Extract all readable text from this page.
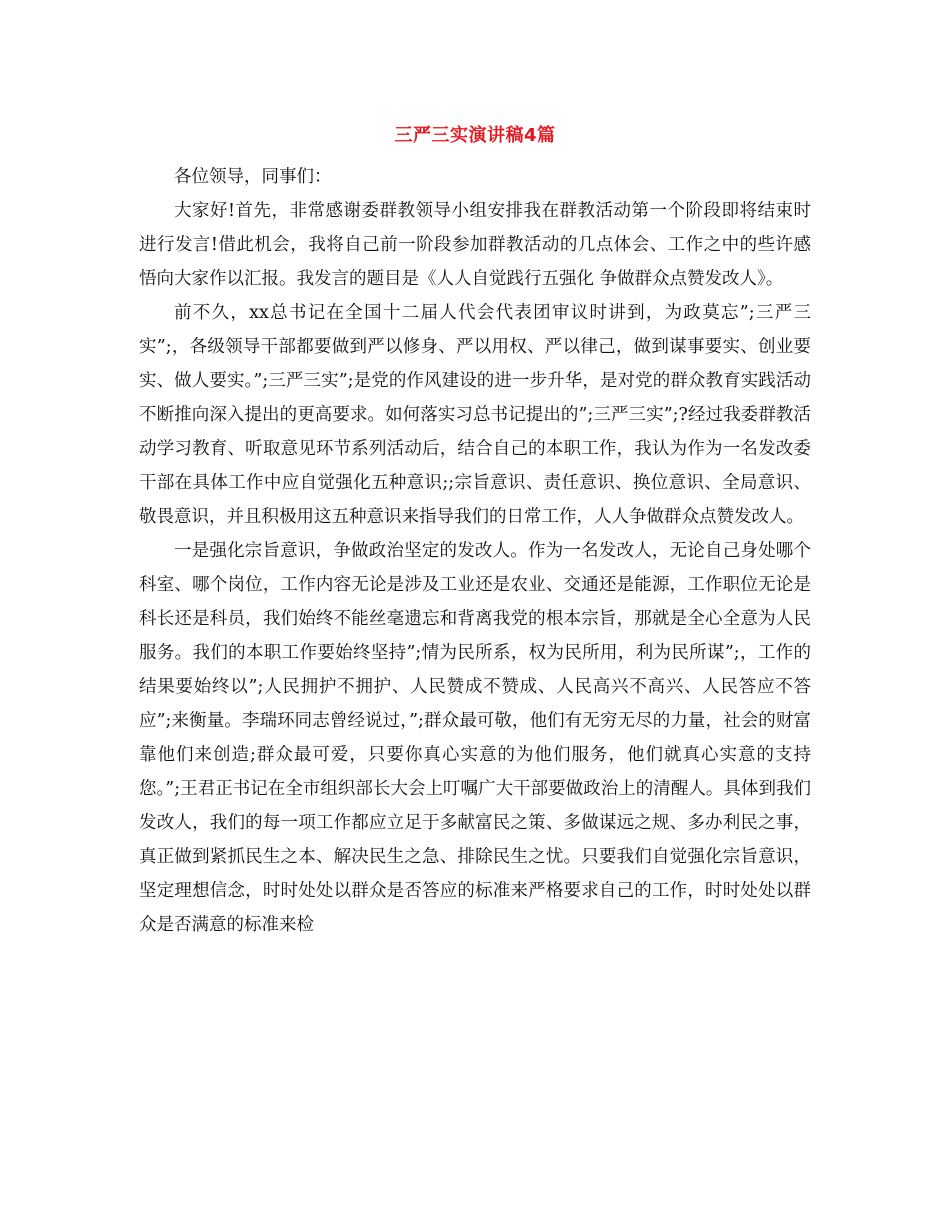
三严三实演讲稿4篇

各位领导，同事们：

大家好!首先，非常感谢委群教领导小组安排我在群教活动第一个阶段即将结束时进行发言!借此机会，我将自己前一阶段参加群教活动的几点体会、工作之中的些许感悟向大家作以汇报。我发言的题目是《人人自觉践行五强化 争做群众点赞发改人》。

前不久，xx总书记在全国十二届人代会代表团审议时讲到，为政莫忘”;三严三实”;，各级领导干部都要做到严以修身、严以用权、严以律己，做到谋事要实、创业要实、做人要实。”;三严三实”;是党的作风建设的进一步升华，是对党的群众教育实践活动不断推向深入提出的更高要求。如何落实习总书记提出的”;三严三实”;?经过我委群教活动学习教育、听取意见环节系列活动后，结合自己的本职工作，我认为作为一名发改委干部在具体工作中应自觉强化五种意识;;宗旨意识、责任意识、换位意识、全局意识、敬畏意识，并且积极用这五种意识来指导我们的日常工作，人人争做群众点赞发改人。

一是强化宗旨意识，争做政治坚定的发改人。作为一名发改人，无论自己身处哪个科室、哪个岗位，工作内容无论是涉及工业还是农业、交通还是能源，工作职位无论是科长还是科员，我们始终不能丝毫遗忘和背离我党的根本宗旨，那就是全心全意为人民服务。我们的本职工作要始终坚持”;情为民所系，权为民所用，利为民所谋”;，工作的结果要始终以”;人民拥护不拥护、人民赞成不赞成、人民高兴不高兴、人民答应不答应”;来衡量。李瑞环同志曾经说过，”;群众最可敬，他们有无穷无尽的力量，社会的财富靠他们来创造;群众最可爱，只要你真心实意的为他们服务，他们就真心实意的支持您。”;王君正书记在全市组织部长大会上叮嘱广大干部要做政治上的清醒人。具体到我们发改人，我们的每一项工作都应立足于多献富民之策、多做谋远之规、多办利民之事，真正做到紧抓民生之本、解决民生之急、排除民生之忧。只要我们自觉强化宗旨意识，坚定理想信念，时时处处以群众是否答应的标准来严格要求自己的工作，时时处处以群众是否满意的标准来检
